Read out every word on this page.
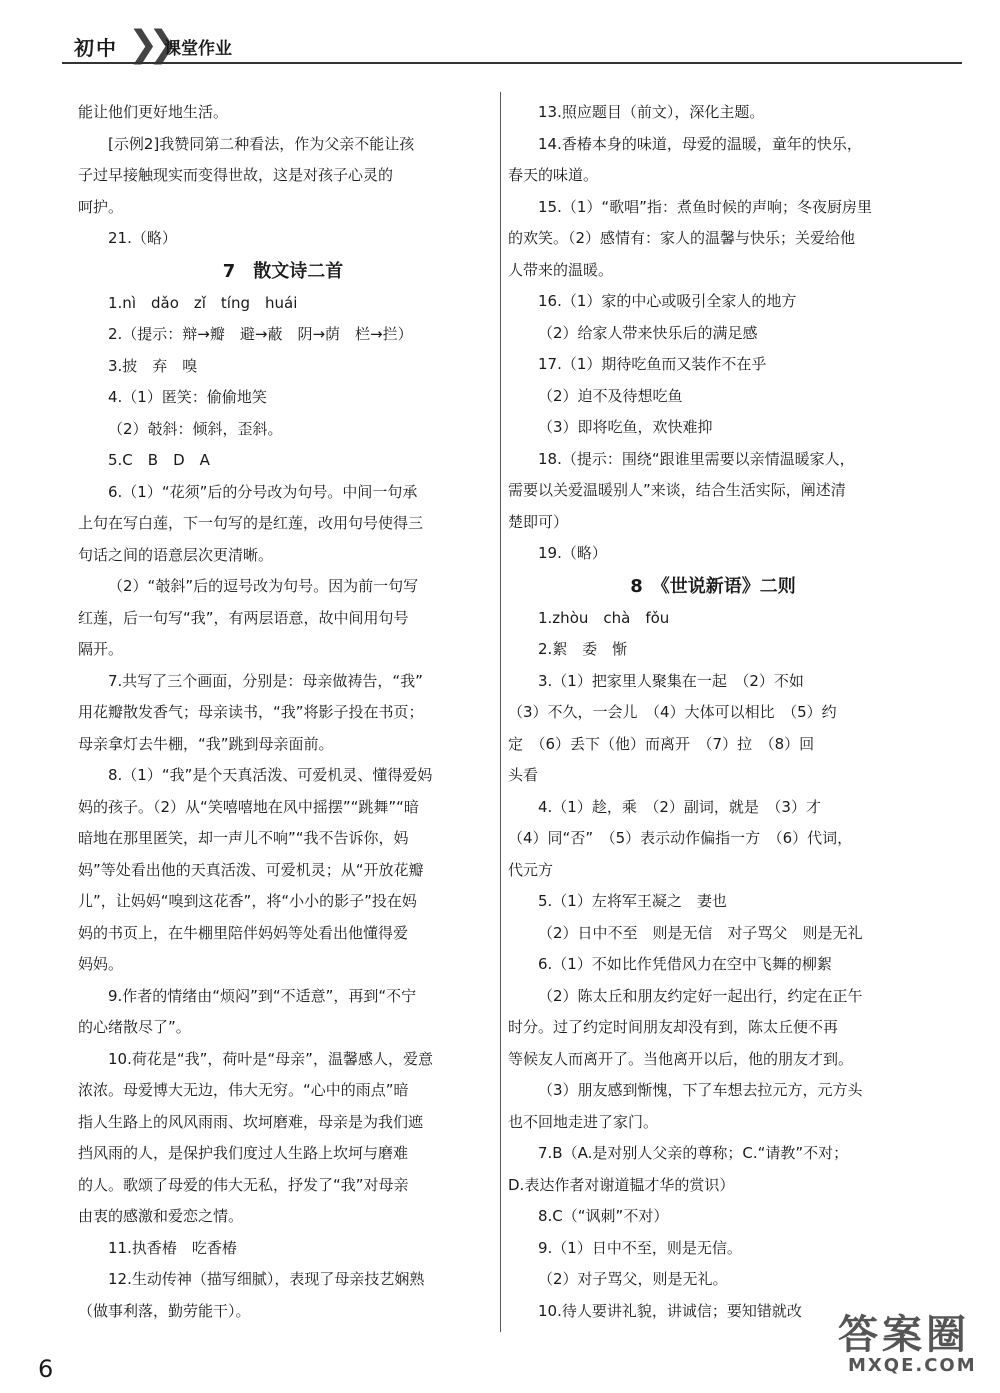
初中 ❯❯
课堂作业
能让他们更好地生活。
[示例2]我赞同第二种看法，作为父亲不能让孩
子过早接触现实而变得世故，这是对孩子心灵的
呵护。
21.（略）
7　散文诗二首
1.nì　dǎo　zǐ　tíng　huái
2.（提示：辩→瓣　避→蔽　阴→荫　栏→拦）
3.披　弃　嗅
4.（1）匿笑：偷偷地笑
（2）攲斜：倾斜，歪斜。
5.C　B　D　A
6.（1）“花须”后的分号改为句号。中间一句承
上句在写白莲，下一句写的是红莲，改用句号使得三
句话之间的语意层次更清晰。
（2）“攲斜”后的逗号改为句号。因为前一句写
红莲，后一句写“我”，有两层语意，故中间用句号
隔开。
7.共写了三个画面，分别是：母亲做祷告，“我”
用花瓣散发香气；母亲读书，“我”将影子投在书页；
母亲拿灯去牛棚，“我”跳到母亲面前。
8.（1）“我”是个天真活泼、可爱机灵、懂得爱妈
妈的孩子。（2）从“笑嘻嘻地在风中摇摆”“跳舞”“暗
暗地在那里匿笑，却一声儿不响”“我不告诉你，妈
妈”等处看出他的天真活泼、可爱机灵；从“开放花瓣
儿”，让妈妈“嗅到这花香”，将“小小的影子”投在妈
妈的书页上，在牛棚里陪伴妈妈等处看出他懂得爱
妈妈。
9.作者的情绪由“烦闷”到“不适意”，再到“不宁
的心绪散尽了”。
10.荷花是“我”，荷叶是“母亲”，温馨感人，爱意
浓浓。母爱博大无边，伟大无穷。“心中的雨点”暗
指人生路上的风风雨雨、坎坷磨难，母亲是为我们遮
挡风雨的人，是保护我们度过人生路上坎坷与磨难
的人。歌颂了母爱的伟大无私，抒发了“我”对母亲
由衷的感激和爱恋之情。
11.执香椿　吃香椿
12.生动传神（描写细腻），表现了母亲技艺娴熟
（做事利落，勤劳能干）。
13.照应题目（前文），深化主题。
14.香椿本身的味道，母爱的温暖，童年的快乐，
春天的味道。
15.（1）“歌唱”指：煮鱼时候的声响；冬夜厨房里
的欢笑。（2）感情有：家人的温馨与快乐；关爱给他
人带来的温暖。
16.（1）家的中心或吸引全家人的地方
（2）给家人带来快乐后的满足感
17.（1）期待吃鱼而又装作不在乎
（2）迫不及待想吃鱼
（3）即将吃鱼，欢快难抑
18.（提示：围绕“跟谁里需要以亲情温暖家人，
需要以关爱温暖别人”来谈，结合生活实际，阐述清
楚即可）
19.（略）
8　《世说新语》二则
1.zhòu　chà　fǒu
2.絮　委　惭
3.（1）把家里人聚集在一起　（2）不如
（3）不久，一会儿　（4）大体可以相比　（5）约
定　（6）丢下（他）而离开　（7）拉　（8）回
头看
4.（1）趁，乘　（2）副词，就是　（3）才
（4）同“否”　（5）表示动作偏指一方　（6）代词，
代元方
5.（1）左将军王凝之　妻也
（2）日中不至　则是无信　对子骂父　则是无礼
6.（1）不如比作凭借风力在空中飞舞的柳絮
（2）陈太丘和朋友约定好一起出行，约定在正午
时分。过了约定时间朋友却没有到，陈太丘便不再
等候友人而离开了。当他离开以后，他的朋友才到。
（3）朋友感到惭愧，下了车想去拉元方，元方头
也不回地走进了家门。
7.B（A.是对别人父亲的尊称；C.“请教”不对；
D.表达作者对谢道韫才华的赏识）
8.C（“讽刺”不对）
9.（1）日中不至，则是无信。
（2）对子骂父，则是无礼。
10.待人要讲礼貌，讲诚信；要知错就改
6
答案圈
MXQE.COM
